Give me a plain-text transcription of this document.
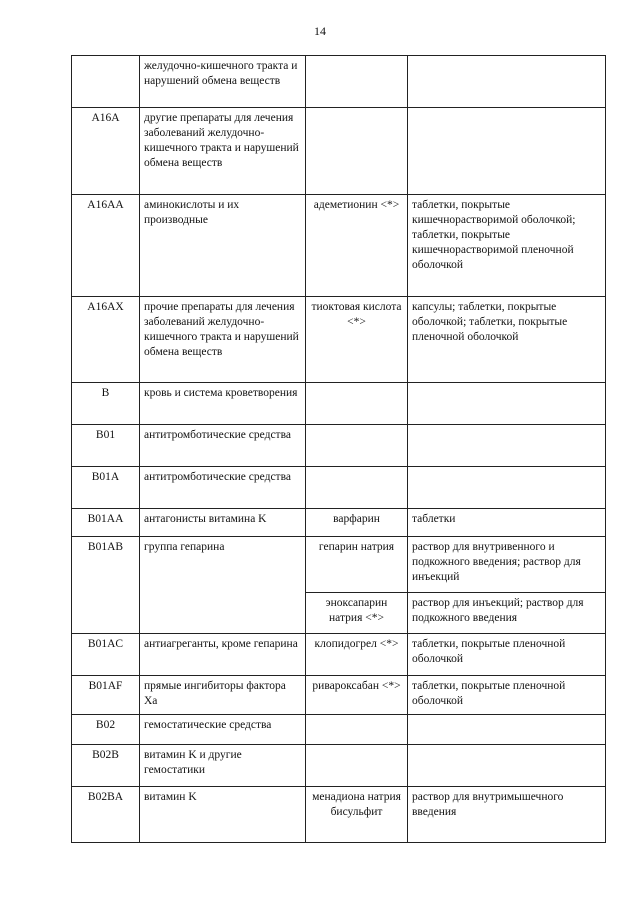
14
	желудочно-кишечного тракта и нарушений обмена веществ		
A16A	другие препараты для лечения заболеваний желудочно-кишечного тракта и нарушений обмена веществ		
A16AA	аминокислоты и их производные	адеметионин <*>	таблетки, покрытые кишечнорастворимой оболочкой; таблетки, покрытые кишечнорастворимой пленочной оболочкой
A16AX	прочие препараты для лечения заболеваний желудочно-кишечного тракта и нарушений обмена веществ	тиоктовая кислота <*>	капсулы; таблетки, покрытые оболочкой; таблетки, покрытые пленочной оболочкой
B	кровь и система кроветворения		
B01	антитромботические средства		
B01A	антитромботические средства		
B01AA	антагонисты витамина K	варфарин	таблетки
B01AB	группа гепарина	гепарин натрия	раствор для внутривенного и подкожного введения; раствор для инъекций
		эноксапарин натрия <*>	раствор для инъекций; раствор для подкожного введения
B01AC	антиагреганты, кроме гепарина	клопидогрел <*>	таблетки, покрытые пленочной оболочкой
B01AF	прямые ингибиторы фактора Xa	ривароксабан <*>	таблетки, покрытые пленочной оболочкой
B02	гемостатические средства		
B02B	витамин K и другие гемостатики		
B02BA	витамин K	менадиона натрия бисульфит	раствор для внутримышечного введения
